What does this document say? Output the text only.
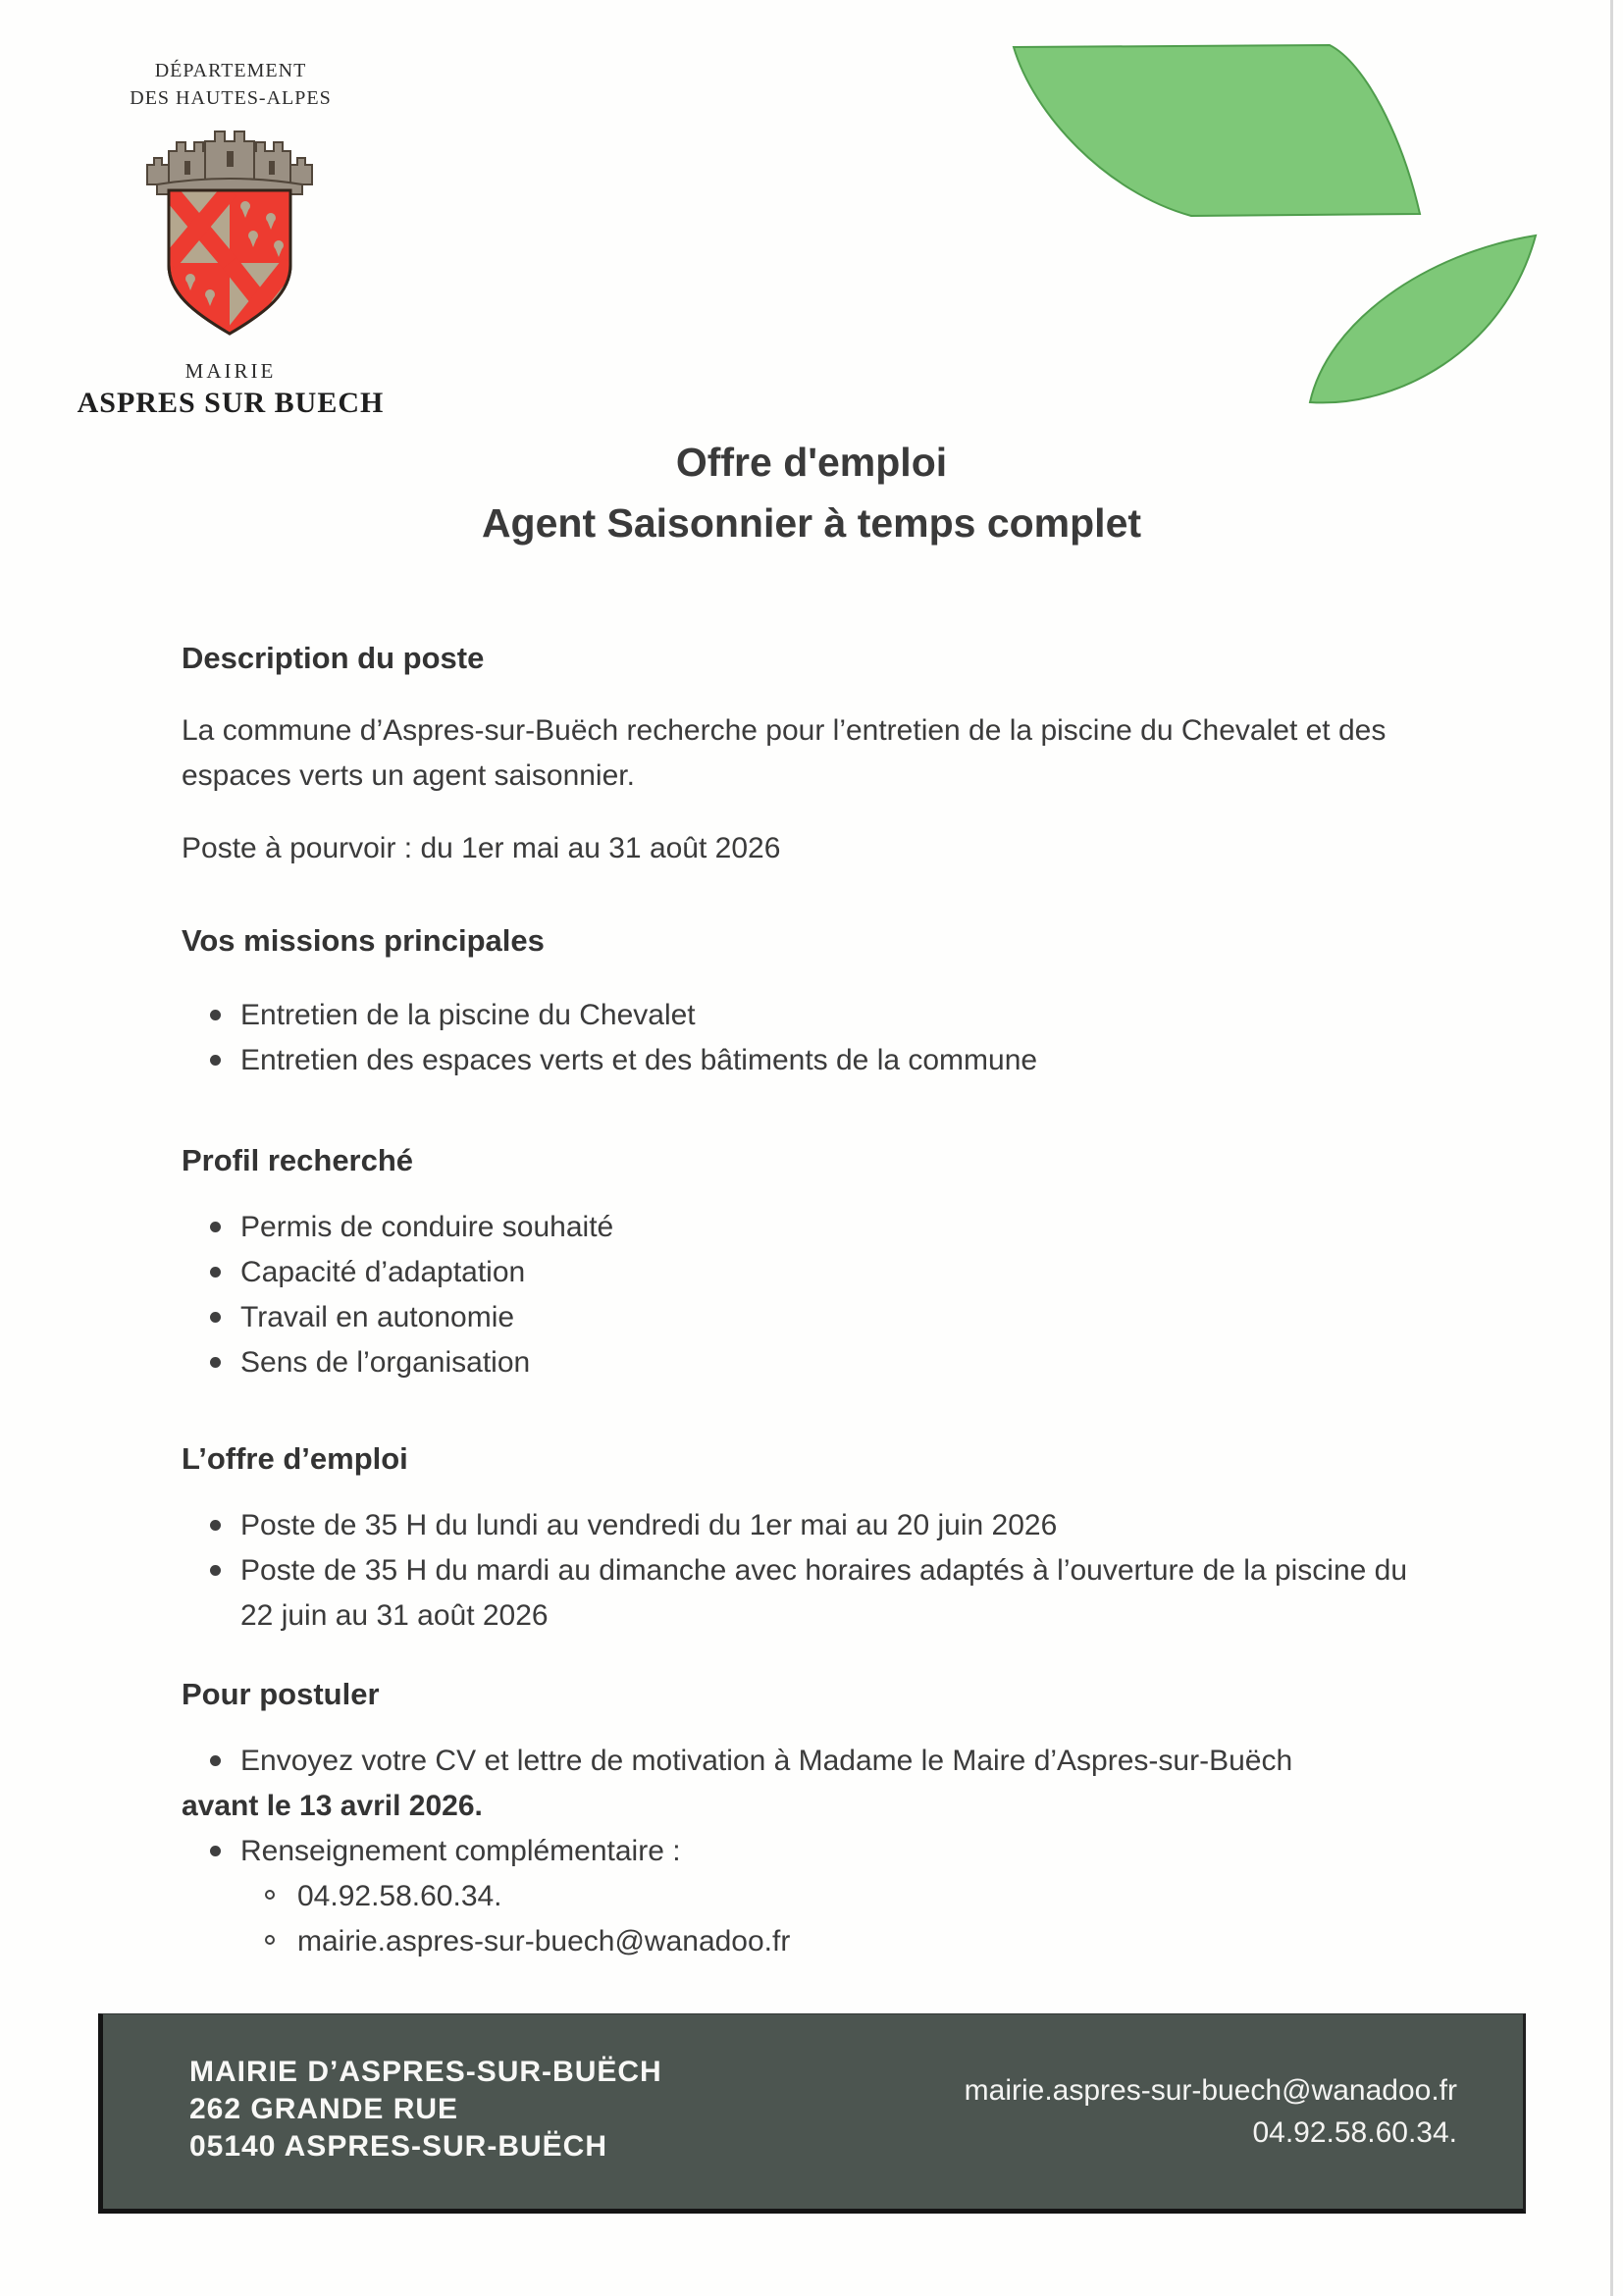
DÉPARTEMENT
DES HAUTES-ALPES
MAIRIE
ASPRES SUR BUECH
Offre d'emploi
Agent Saisonnier à temps complet
Description du poste

La commune d’Aspres-sur-Buëch recherche pour l’entretien de la piscine du Chevalet et des espaces verts un agent saisonnier.

Poste à pourvoir : du 1er mai au 31 août 2026

Vos missions principales
Entretien de la piscine du Chevalet
Entretien des espaces verts et des bâtiments de la commune
Profil recherché
Permis de conduire souhaité
Capacité d’adaptation
Travail en autonomie
Sens de l’organisation
L’offre d’emploi
Poste de 35 H du lundi au vendredi du 1er mai au 20 juin 2026
Poste de 35 H du mardi au dimanche avec horaires adaptés à l’ouverture de la piscine du 22 juin au 31 août 2026
Pour postuler
Envoyez votre CV et lettre de motivation à Madame le Maire d’Aspres-sur-Buëch
avant le 13 avril 2026.
Renseignement complémentaire :
04.92.58.60.34.
mairie.aspres-sur-buech@wanadoo.fr
MAIRIE D’ASPRES-SUR-BUËCH
262 GRANDE RUE
05140 ASPRES-SUR-BUËCH
mairie.aspres-sur-buech@wanadoo.fr
04.92.58.60.34.
